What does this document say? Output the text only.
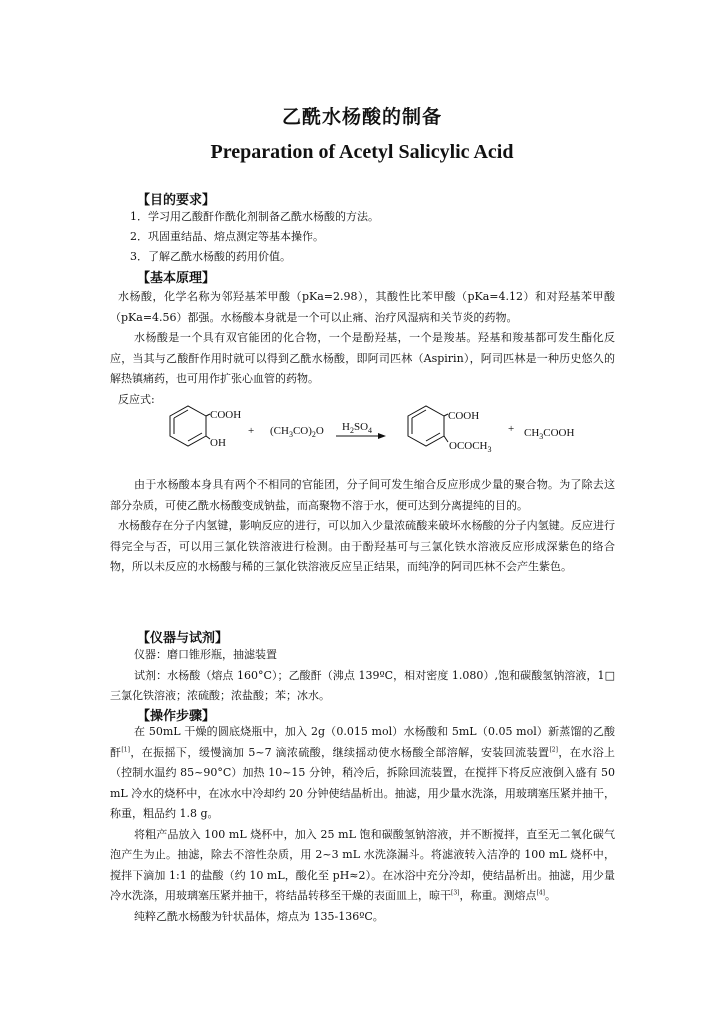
乙酰水杨酸的制备
Preparation of Acetyl Salicylic Acid
【目的要求】
1．学习用乙酸酐作酰化剂制备乙酰水杨酸的方法。
2．巩固重结晶、熔点测定等基本操作。
3．了解乙酰水杨酸的药用价值。
【基本原理】

水杨酸，化学名称为邻羟基苯甲酸（pKa=2.98），其酸性比苯甲酸（pKa=4.12）和对羟基苯甲酸（pKa=4.56）都强。水杨酸本身就是一个可以止痛、治疗风湿病和关节炎的药物。

水杨酸是一个具有双官能团的化合物，一个是酚羟基，一个是羧基。羟基和羧基都可发生酯化反应，当其与乙酸酐作用时就可以得到乙酰水杨酸，即阿司匹林（Aspirin），阿司匹林是一种历史悠久的解热镇痛药，也可用作扩张心血管的药物。

反应式:

COOH
OH
+ $(CH_3CO)_2O$ $H_2SO_4$
COOH
$OCOCH_3$
+ $CH_3COOH$

由于水杨酸本身具有两个不相同的官能团，分子间可发生缩合反应形成少量的聚合物。为了除去这部分杂质，可使乙酰水杨酸变成钠盐，而高聚物不溶于水，便可达到分离提纯的目的。

水杨酸存在分子内氢键，影响反应的进行，可以加入少量浓硫酸来破坏水杨酸的分子内氢键。反应进行得完全与否，可以用三氯化铁溶液进行检测。由于酚羟基可与三氯化铁水溶液反应形成深紫色的络合物，所以未反应的水杨酸与稀的三氯化铁溶液反应呈正结果，而纯净的阿司匹林不会产生紫色。

【仪器与试剂】

仪器：磨口锥形瓶，抽滤装置

试剂：水杨酸（熔点 160°C）；乙酸酐（沸点 139ºC，相对密度 1.080）,饱和碳酸氢钠溶液，1□三氯化铁溶液；浓硫酸；浓盐酸；苯；冰水。

【操作步骤】

在 50mL 干燥的圆底烧瓶中，加入 2g（0.015 mol）水杨酸和 5mL（0.05 mol）新蒸馏的乙酸酐[1]，在振摇下，缓慢滴加 5~7 滴浓硫酸，继续摇动使水杨酸全部溶解，安装回流装置[2]，在水浴上（控制水温约 85~90°C）加热 10~15 分钟，稍冷后，拆除回流装置，在搅拌下将反应液倒入盛有 50 mL 冷水的烧杯中，在冰水中冷却约 20 分钟使结晶析出。抽滤，用少量水洗涤，用玻璃塞压紧并抽干，称重，粗品约 1.8 g。

将粗产品放入 100 mL 烧杯中，加入 25 mL 饱和碳酸氢钠溶液，并不断搅拌，直至无二氧化碳气泡产生为止。抽滤，除去不溶性杂质，用 2~3 mL 水洗涤漏斗。将滤液转入洁净的 100 mL 烧杯中，搅拌下滴加 1:1 的盐酸（约 10 mL，酸化至 pH≈2）。在冰浴中充分冷却，使结晶析出。抽滤，用少量冷水洗涤，用玻璃塞压紧并抽干，将结晶转移至干燥的表面皿上，晾干[3]，称重。测熔点[4]。

纯粹乙酰水杨酸为针状晶体，熔点为 135-136ºC。
